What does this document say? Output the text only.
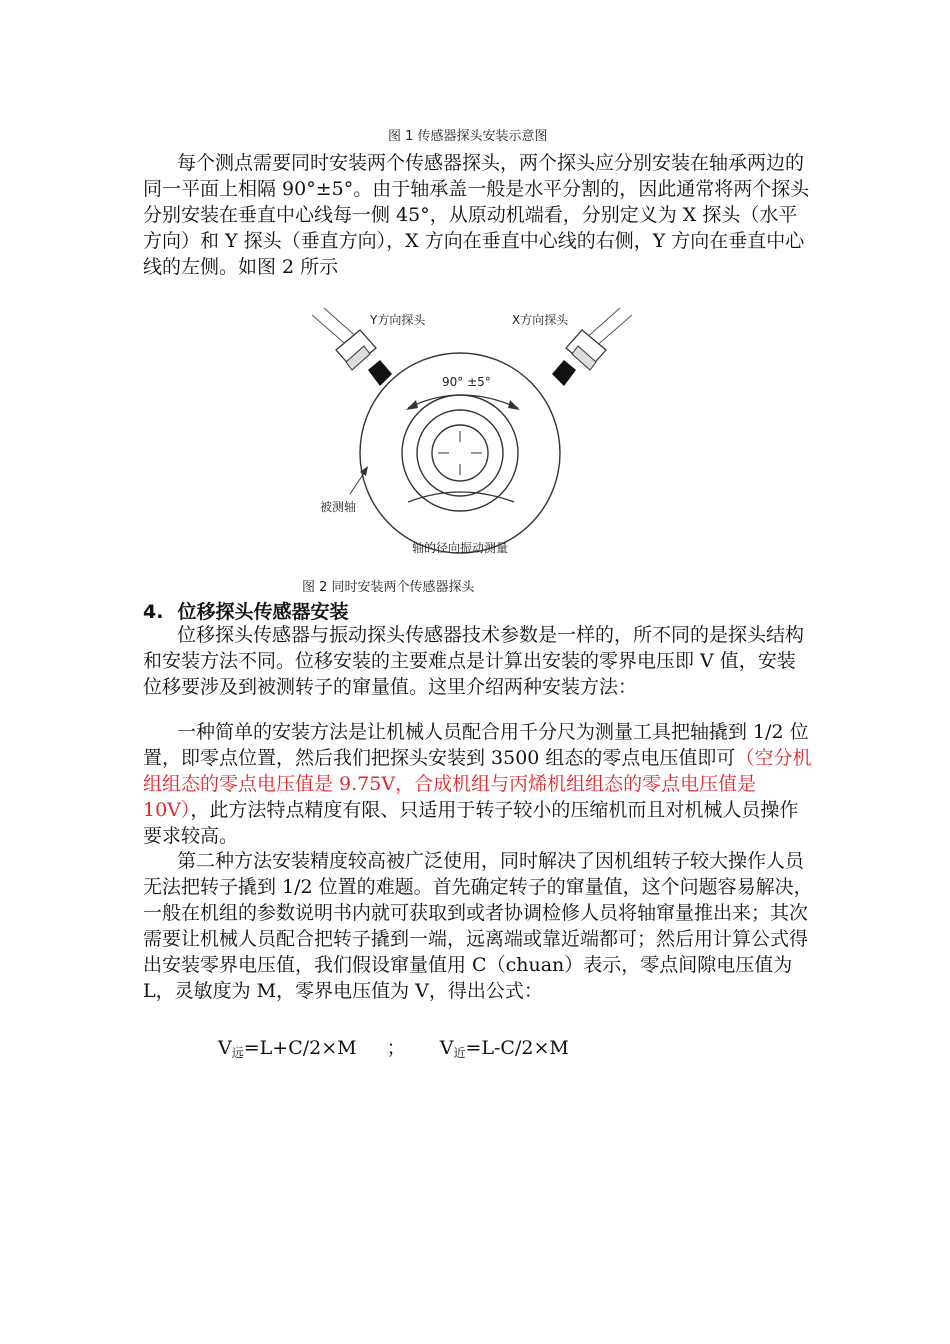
图 1 传感器探头安装示意图

每个测点需要同时安装两个传感器探头，两个探头应分别安装在轴承两边的同一平面上相隔 90°±5°。由于轴承盖一般是水平分割的，因此通常将两个探头分别安装在垂直中心线每一侧 45°，从原动机端看，分别定义为 X 探头（水平方向）和 Y 探头（垂直方向），X 方向在垂直中心线的右侧，Y 方向在垂直中心线的左侧。如图 2 所示

90° ±5°
Y方向探头	X方向探头
被测轴
轴的径向振动测量
图 2 同时安装两个传感器探头
4. 位移探头传感器安装

位移探头传感器与振动探头传感器技术参数是一样的，所不同的是探头结构和安装方法不同。位移安装的主要难点是计算出安装的零界电压即 V 值，安装位移要涉及到被测转子的窜量值。这里介绍两种安装方法：

一种简单的安装方法是让机械人员配合用千分尺为测量工具把轴撬到 1/2 位置，即零点位置，然后我们把探头安装到 3500 组态的零点电压值即可（空分机组组态的零点电压值是 9.75V，合成机组与丙烯机组组态的零点电压值是 10V），此方法特点精度有限、只适用于转子较小的压缩机而且对机械人员操作要求较高。

第二种方法安装精度较高被广泛使用，同时解决了因机组转子较大操作人员无法把转子撬到 1/2 位置的难题。首先确定转子的窜量值，这个问题容易解决，一般在机组的参数说明书内就可获取到或者协调检修人员将轴窜量推出来；其次需要让机械人员配合把转子撬到一端，远离端或靠近端都可；然后用计算公式得出安装零界电压值，我们假设窜量值用 C（chuan）表示，零点间隙电压值为 L，灵敏度为 M，零界电压值为 V，得出公式：

$V_远=L+C/2\times M$ ； $V_近=L-C/2\times M$
